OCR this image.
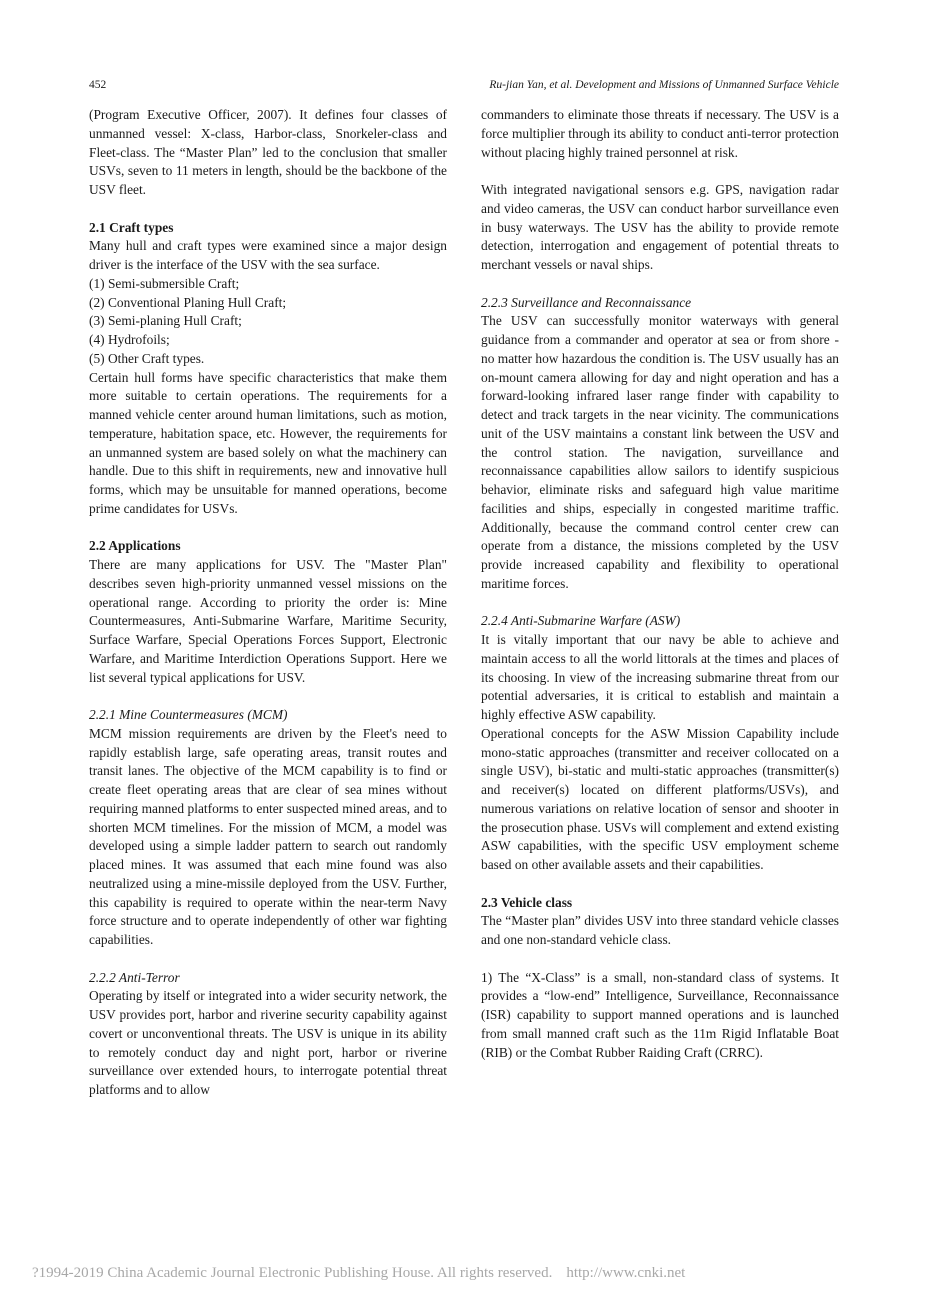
452	Ru-jian Yan, et al. Development and Missions of Unmanned Surface Vehicle

(Program Executive Officer, 2007). It defines four classes of unmanned vessel: X-class, Harbor-class, Snorkeler-class and Fleet-class. The “Master Plan” led to the conclusion that smaller USVs, seven to 11 meters in length, should be the backbone of the USV fleet.

2.1 Craft types

Many hull and craft types were examined since a major design driver is the interface of the USV with the sea surface.

(1) Semi-submersible Craft;

(2) Conventional Planing Hull Craft;

(3) Semi-planing Hull Craft;

(4) Hydrofoils;

(5) Other Craft types.

Certain hull forms have specific characteristics that make them more suitable to certain operations. The requirements for a manned vehicle center around human limitations, such as motion, temperature, habitation space, etc. However, the requirements for an unmanned system are based solely on what the machinery can handle. Due to this shift in requirements, new and innovative hull forms, which may be unsuitable for manned operations, become prime candidates for USVs.

2.2 Applications

There are many applications for USV. The "Master Plan" describes seven high-priority unmanned vessel missions on the operational range. According to priority the order is: Mine Countermeasures, Anti-Submarine Warfare, Maritime Security, Surface Warfare, Special Operations Forces Support, Electronic Warfare, and Maritime Interdiction Operations Support. Here we list several typical applications for USV.

2.2.1 Mine Countermeasures (MCM)

MCM mission requirements are driven by the Fleet's need to rapidly establish large, safe operating areas, transit routes and transit lanes. The objective of the MCM capability is to find or create fleet operating areas that are clear of sea mines without requiring manned platforms to enter suspected mined areas, and to shorten MCM timelines. For the mission of MCM, a model was developed using a simple ladder pattern to search out randomly placed mines. It was assumed that each mine found was also neutralized using a mine-missile deployed from the USV. Further, this capability is required to operate within the near-term Navy force structure and to operate independently of other war fighting capabilities.

2.2.2 Anti-Terror

Operating by itself or integrated into a wider security network, the USV provides port, harbor and riverine security capability against covert or unconventional threats. The USV is unique in its ability to remotely conduct day and night port, harbor or riverine surveillance over extended hours, to interrogate potential threat platforms and to allow

commanders to eliminate those threats if necessary. The USV is a force multiplier through its ability to conduct anti-terror protection without placing highly trained personnel at risk.

With integrated navigational sensors e.g. GPS, navigation radar and video cameras, the USV can conduct harbor surveillance even in busy waterways. The USV has the ability to provide remote detection, interrogation and engagement of potential threats to merchant vessels or naval ships.

2.2.3 Surveillance and Reconnaissance

The USV can successfully monitor waterways with general guidance from a commander and operator at sea or from shore - no matter how hazardous the condition is. The USV usually has an on-mount camera allowing for day and night operation and has a forward-looking infrared laser range finder with capability to detect and track targets in the near vicinity. The communications unit of the USV maintains a constant link between the USV and the control station. The navigation, surveillance and reconnaissance capabilities allow sailors to identify suspicious behavior, eliminate risks and safeguard high value maritime facilities and ships, especially in congested maritime traffic. Additionally, because the command control center crew can operate from a distance, the missions completed by the USV provide increased capability and flexibility to operational maritime forces.

2.2.4 Anti-Submarine Warfare (ASW)

It is vitally important that our navy be able to achieve and maintain access to all the world littorals at the times and places of its choosing. In view of the increasing submarine threat from our potential adversaries, it is critical to establish and maintain a highly effective ASW capability.

Operational concepts for the ASW Mission Capability include mono-static approaches (transmitter and receiver collocated on a single USV), bi-static and multi-static approaches (transmitter(s) and receiver(s) located on different platforms/USVs), and numerous variations on relative location of sensor and shooter in the prosecution phase. USVs will complement and extend existing ASW capabilities, with the specific USV employment scheme based on other available assets and their capabilities.

2.3 Vehicle class

The “Master plan” divides USV into three standard vehicle classes and one non-standard vehicle class.

1) The “X-Class” is a small, non-standard class of systems. It provides a “low-end” Intelligence, Surveillance, Reconnaissance (ISR) capability to support manned operations and is launched from small manned craft such as the 11m Rigid Inflatable Boat (RIB) or the Combat Rubber Raiding Craft (CRRC).

?1994-2019 China Academic Journal Electronic Publishing House. All rights reserved. http://www.cnki.net
